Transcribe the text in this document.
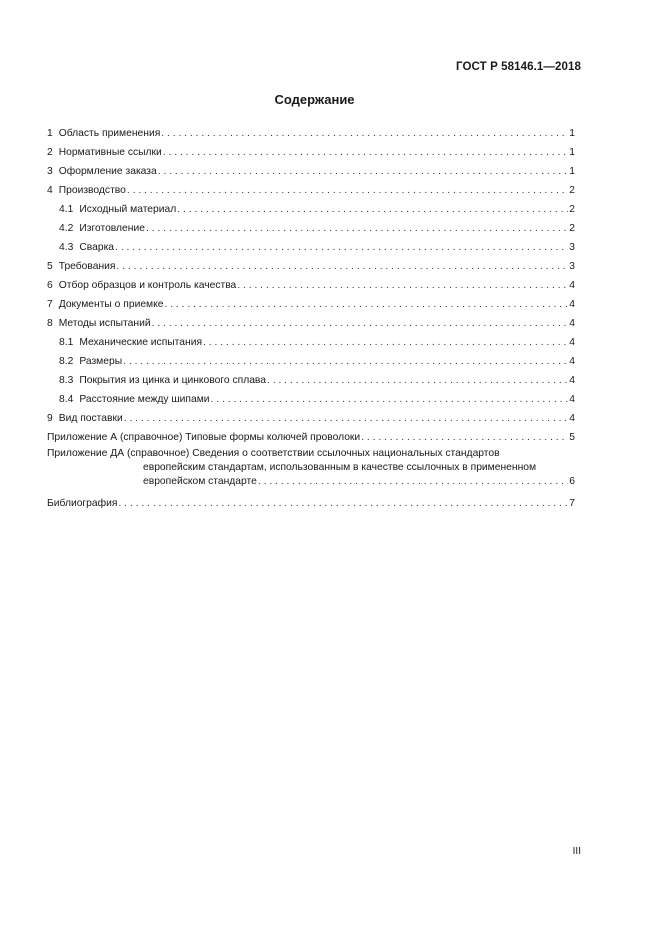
ГОСТ Р 58146.1—2018
Содержание
1 Область применения . . .	1
2 Нормативные ссылки . . .	1
3 Оформление заказа . . .	1
4 Производство . . .	2
4.1 Исходный материал . . .	2
4.2 Изготовление . . .	2
4.3 Сварка . . .	3
5 Требования . . .	3
6 Отбор образцов и контроль качества . . .	4
7 Документы о приемке . . .	4
8 Методы испытаний . . .	4
8.1 Механические испытания . . .	4
8.2 Размеры . . .	4
8.3 Покрытия из цинка и цинкового сплава . . .	4
8.4 Расстояние между шипами . . .	4
9 Вид поставки . . .	4
Приложение А (справочное) Типовые формы колючей проволоки . . .	5
Приложение ДА (справочное) Сведения о соответствии ссылочных национальных стандартов
европейским стандартам, использованным в качестве ссылочных в примененном
европейском стандарте . . .	6
Библиография . . .	7
III
